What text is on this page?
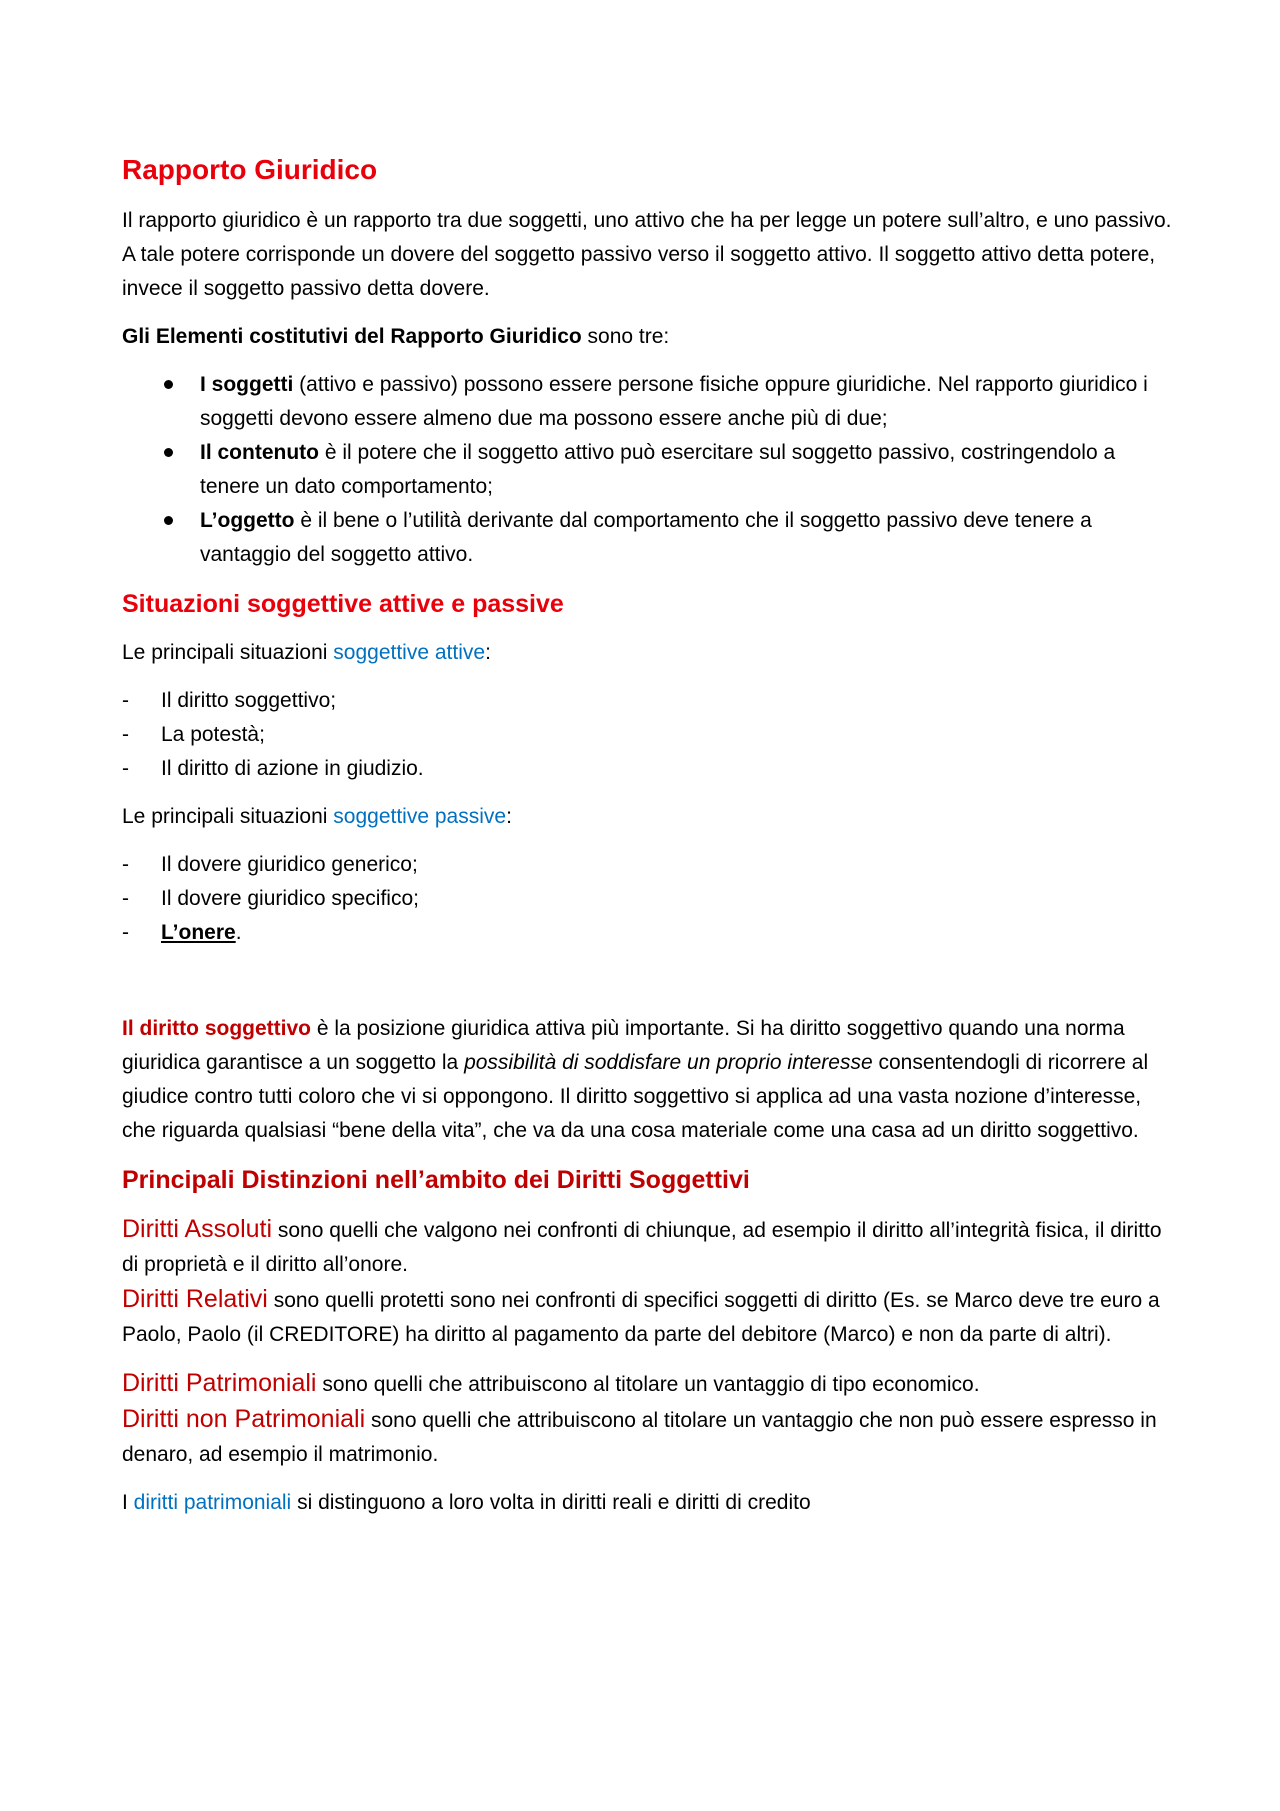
Rapporto Giuridico

Il rapporto giuridico è un rapporto tra due soggetti, uno attivo che ha per legge un potere sull’altro, e uno passivo. A tale potere corrisponde un dovere del soggetto passivo verso il soggetto attivo. Il soggetto attivo detta potere, invece il soggetto passivo detta dovere.

Gli Elementi costitutivi del Rapporto Giuridico sono tre:

I soggetti (attivo e passivo) possono essere persone fisiche oppure giuridiche. Nel rapporto giuridico i soggetti devono essere almeno due ma possono essere anche più di due;
Il contenuto è il potere che il soggetto attivo può esercitare sul soggetto passivo, costringendolo a tenere un dato comportamento;
L’oggetto è il bene o l’utilità derivante dal comportamento che il soggetto passivo deve tenere a vantaggio del soggetto attivo.
Situazioni soggettive attive e passive

Le principali situazioni soggettive attive:

- Il diritto soggettivo;
- La potestà;
- Il diritto di azione in giudizio.

Le principali situazioni soggettive passive:

- Il dovere giuridico generico;
- Il dovere giuridico specifico;
- L’onere.

Il diritto soggettivo è la posizione giuridica attiva più importante. Si ha diritto soggettivo quando una norma giuridica garantisce a un soggetto la possibilità di soddisfare un proprio interesse consentendogli di ricorrere al giudice contro tutti coloro che vi si oppongono. Il diritto soggettivo si applica ad una vasta nozione d’interesse, che riguarda qualsiasi “bene della vita”, che va da una cosa materiale come una casa ad un diritto soggettivo.

Principali Distinzioni nell’ambito dei Diritti Soggettivi

Diritti Assoluti sono quelli che valgono nei confronti di chiunque, ad esempio il diritto all’integrità fisica, il diritto di proprietà e il diritto all’onore.

Diritti Relativi sono quelli protetti sono nei confronti di specifici soggetti di diritto (Es. se Marco deve tre euro a Paolo, Paolo (il CREDITORE) ha diritto al pagamento da parte del debitore (Marco) e non da parte di altri).

Diritti Patrimoniali sono quelli che attribuiscono al titolare un vantaggio di tipo economico.

Diritti non Patrimoniali sono quelli che attribuiscono al titolare un vantaggio che non può essere espresso in denaro, ad esempio il matrimonio.

I diritti patrimoniali si distinguono a loro volta in diritti reali e diritti di credito
